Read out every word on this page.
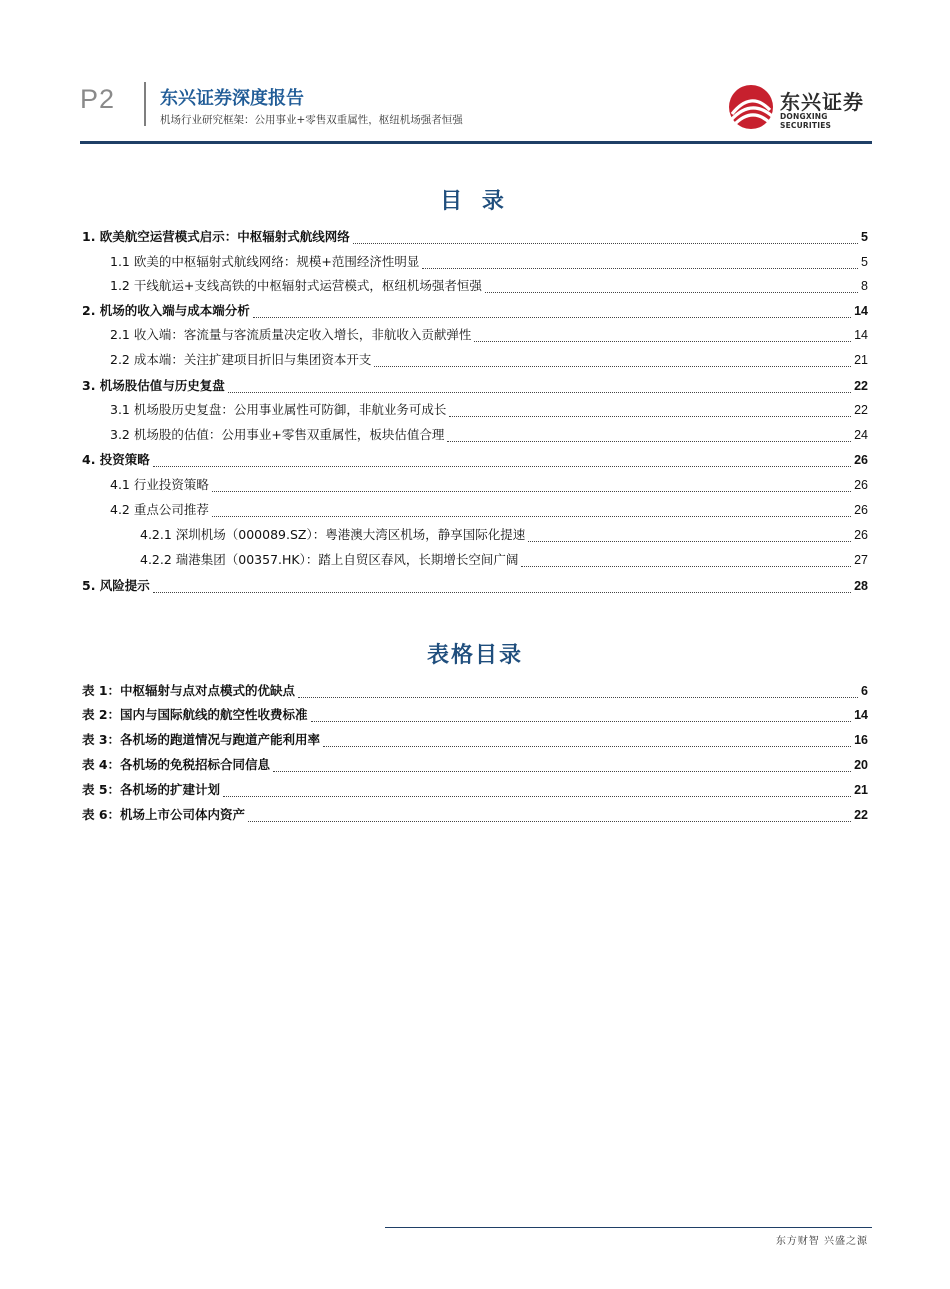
P2 东兴证券深度报告
机场行业研究框架：公用事业+零售双重属性，枢纽机场强者恒强
东兴证券
DONGXING SECURITIES
目 录
1. 欧美航空运营模式启示：中枢辐射式航线网络	5
1.1 欧美的中枢辐射式航线网络：规模+范围经济性明显	5
1.2 干线航运+支线高铁的中枢辐射式运营模式，枢纽机场强者恒强	8
2. 机场的收入端与成本端分析	14
2.1 收入端：客流量与客流质量决定收入增长，非航收入贡献弹性	14
2.2 成本端：关注扩建项目折旧与集团资本开支	21
3. 机场股估值与历史复盘	22
3.1 机场股历史复盘：公用事业属性可防御，非航业务可成长	22
3.2 机场股的估值：公用事业+零售双重属性，板块估值合理	24
4. 投资策略	26
4.1 行业投资策略	26
4.2 重点公司推荐	26
4.2.1 深圳机场（000089.SZ）：粤港澳大湾区机场，静享国际化提速	26
4.2.2 瑞港集团（00357.HK）：踏上自贸区春风，长期增长空间广阔	27
5. 风险提示	28
表格目录
表 1：中枢辐射与点对点模式的优缺点	6
表 2：国内与国际航线的航空性收费标准	14
表 3：各机场的跑道情况与跑道产能利用率	16
表 4：各机场的免税招标合同信息	20
表 5：各机场的扩建计划	21
表 6：机场上市公司体内资产	22
东方财智 兴盛之源
